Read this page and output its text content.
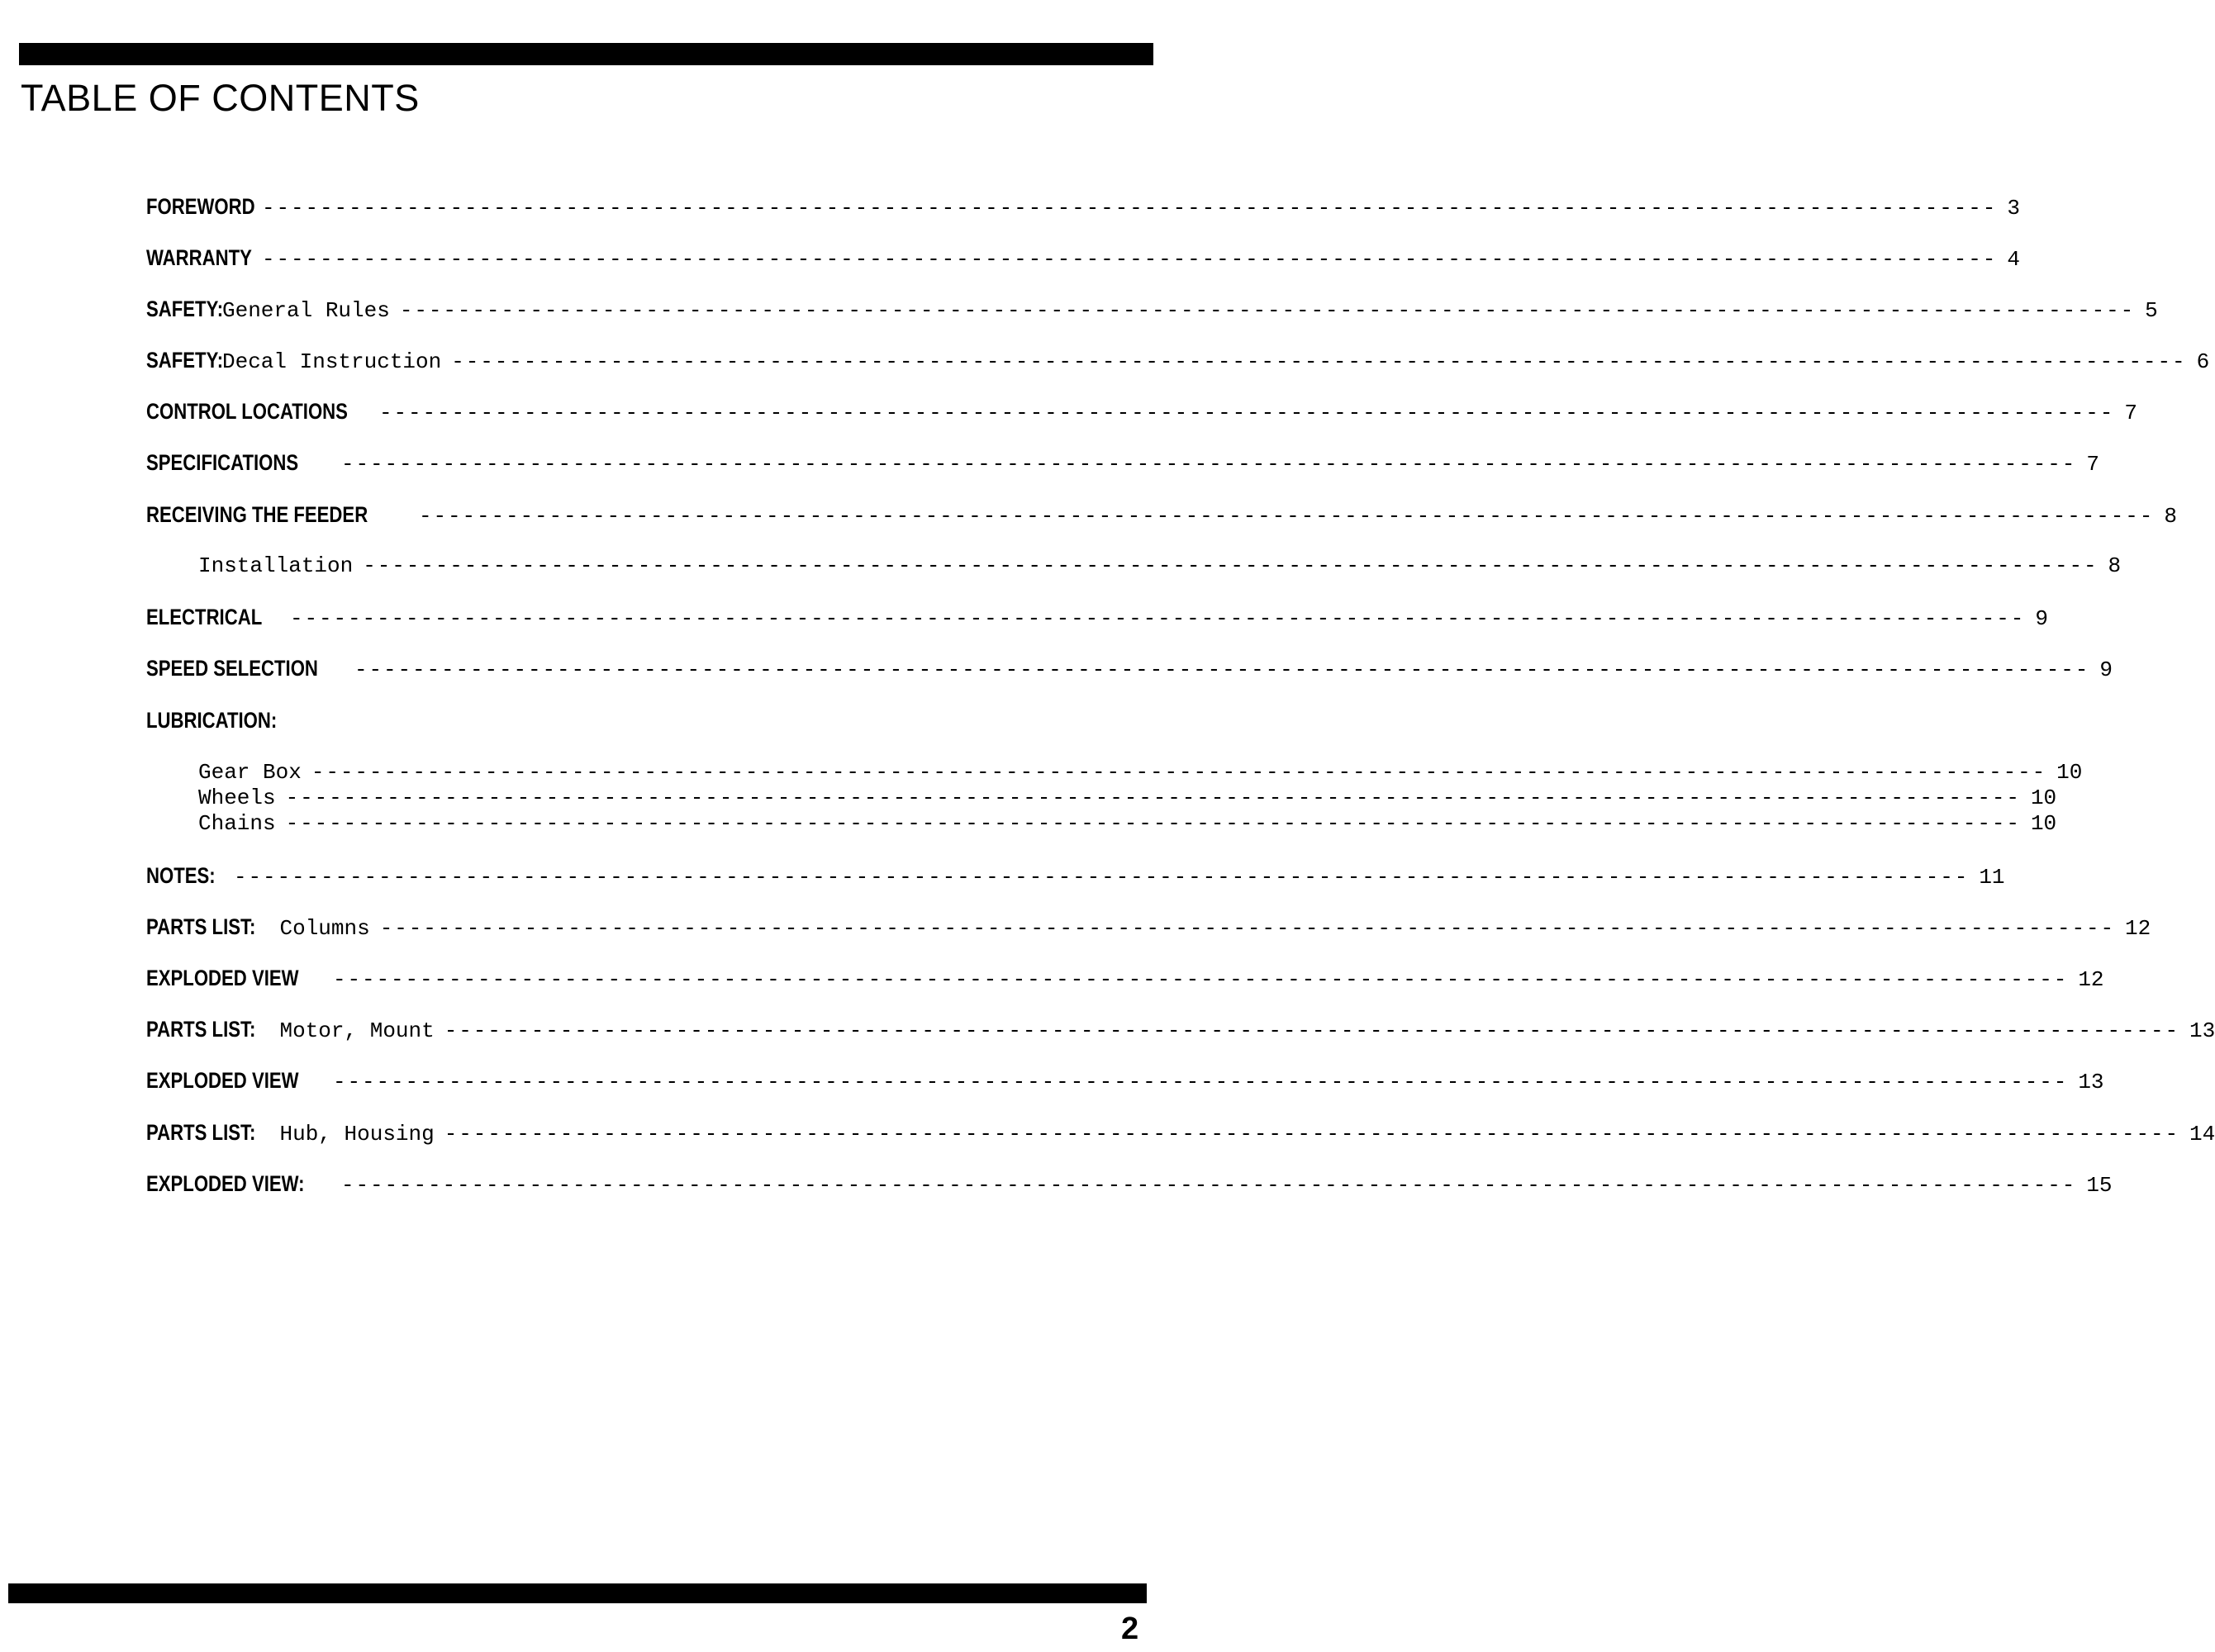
TABLE OF CONTENTS
FOREWORD ------------------------------------------------------------------------------------------------------------------------ 3
WARRANTY ------------------------------------------------------------------------------------------------------------------------ 4
SAFETY:
General Rules ------------------------------------------------------------------------------------------------------------------------ 5
SAFETY:
Decal Instruction ------------------------------------------------------------------------------------------------------------------------ 6
CONTROL LOCATIONS ------------------------------------------------------------------------------------------------------------------------ 7
SPECIFICATIONS ------------------------------------------------------------------------------------------------------------------------ 7
RECEIVING THE FEEDER ------------------------------------------------------------------------------------------------------------------------ 8
Installation ------------------------------------------------------------------------------------------------------------------------ 8
ELECTRICAL ------------------------------------------------------------------------------------------------------------------------ 9
SPEED SELECTION ------------------------------------------------------------------------------------------------------------------------ 9
LUBRICATION:
Gear Box ------------------------------------------------------------------------------------------------------------------------ 10
Wheels ------------------------------------------------------------------------------------------------------------------------ 10
Chains ------------------------------------------------------------------------------------------------------------------------ 10
NOTES: ------------------------------------------------------------------------------------------------------------------------ 11
PARTS LIST: Columns ------------------------------------------------------------------------------------------------------------------------ 12
EXPLODED VIEW ------------------------------------------------------------------------------------------------------------------------ 12
PARTS LIST: Motor, Mount ------------------------------------------------------------------------------------------------------------------------ 13
EXPLODED VIEW ------------------------------------------------------------------------------------------------------------------------ 13
PARTS LIST: Hub, Housing ------------------------------------------------------------------------------------------------------------------------ 14
EXPLODED VIEW: ------------------------------------------------------------------------------------------------------------------------ 15
2
